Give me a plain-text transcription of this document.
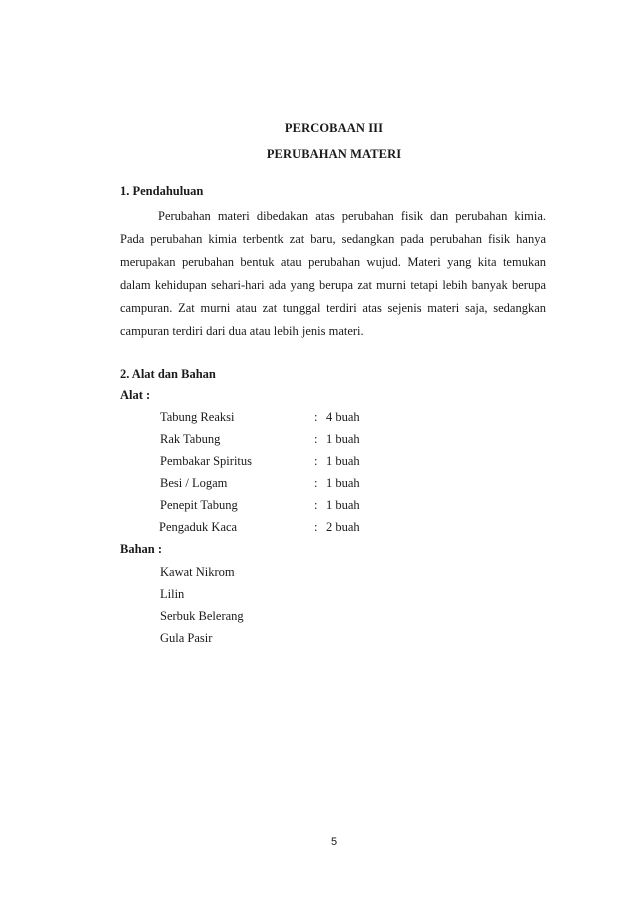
PERCOBAAN III
PERUBAHAN MATERI
1. Pendahuluan
Perubahan materi dibedakan atas perubahan fisik dan perubahan kimia.
Pada perubahan kimia terbentk zat baru, sedangkan pada perubahan fisik hanya
merupakan perubahan bentuk atau perubahan wujud. Materi yang kita temukan
dalam kehidupan sehari-hari ada yang berupa zat murni tetapi lebih banyak berupa
campuran. Zat murni atau zat tunggal terdiri atas sejenis materi saja, sedangkan
campuran terdiri dari dua atau lebih jenis materi.
2. Alat dan Bahan
Alat :
Tabung Reaksi	: 4 buah
Rak Tabung	: 1 buah
Pembakar Spiritus	: 1 buah
Besi / Logam	: 1 buah
Penepit Tabung	: 1 buah
Pengaduk Kaca	: 2 buah
Bahan :
Kawat Nikrom
Lilin
Serbuk Belerang
Gula Pasir
5
